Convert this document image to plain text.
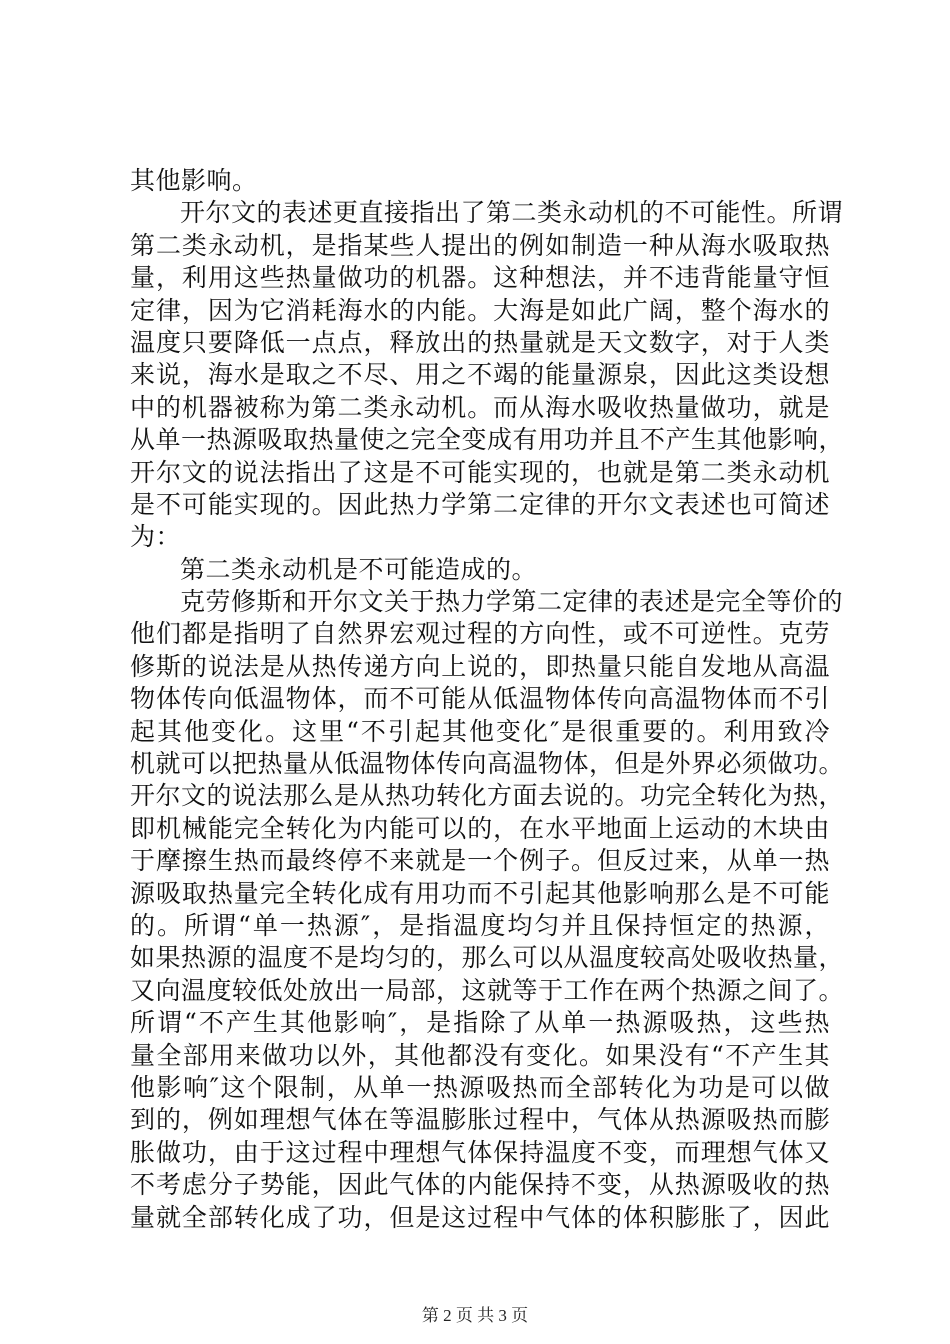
其他影响。
开尔文的表述更直接指出了第二类永动机的不可能性。所谓
第二类永动机，是指某些人提出的例如制造一种从海水吸取热
量，利用这些热量做功的机器。这种想法，并不违背能量守恒
定律，因为它消耗海水的内能。大海是如此广阔，整个海水的
温度只要降低一点点，释放出的热量就是天文数字，对于人类
来说，海水是取之不尽、用之不竭的能量源泉，因此这类设想
中的机器被称为第二类永动机。而从海水吸收热量做功，就是
从单一热源吸取热量使之完全变成有用功并且不产生其他影响，
开尔文的说法指出了这是不可能实现的，也就是第二类永动机
是不可能实现的。因此热力学第二定律的开尔文表述也可简述
为：
第二类永动机是不可能造成的。
克劳修斯和开尔文关于热力学第二定律的表述是完全等价的
他们都是指明了自然界宏观过程的方向性，或不可逆性。克劳
修斯的说法是从热传递方向上说的，即热量只能自发地从高温
物体传向低温物体，而不可能从低温物体传向高温物体而不引
起其他变化。这里“不引起其他变化″是很重要的。利用致冷
机就可以把热量从低温物体传向高温物体，但是外界必须做功。
开尔文的说法那么是从热功转化方面去说的。功完全转化为热，
即机械能完全转化为内能可以的，在水平地面上运动的木块由
于摩擦生热而最终停不来就是一个例子。但反过来，从单一热
源吸取热量完全转化成有用功而不引起其他影响那么是不可能
的。所谓“单一热源″，是指温度均匀并且保持恒定的热源，
如果热源的温度不是均匀的，那么可以从温度较高处吸收热量，
又向温度较低处放出一局部，这就等于工作在两个热源之间了。
所谓“不产生其他影响″，是指除了从单一热源吸热，这些热
量全部用来做功以外，其他都没有变化。如果没有“不产生其
他影响″这个限制，从单一热源吸热而全部转化为功是可以做
到的，例如理想气体在等温膨胀过程中，气体从热源吸热而膨
胀做功，由于这过程中理想气体保持温度不变，而理想气体又
不考虑分子势能，因此气体的内能保持不变，从热源吸收的热
量就全部转化成了功，但是这过程中气体的体积膨胀了，因此
第 2 页 共 3 页
